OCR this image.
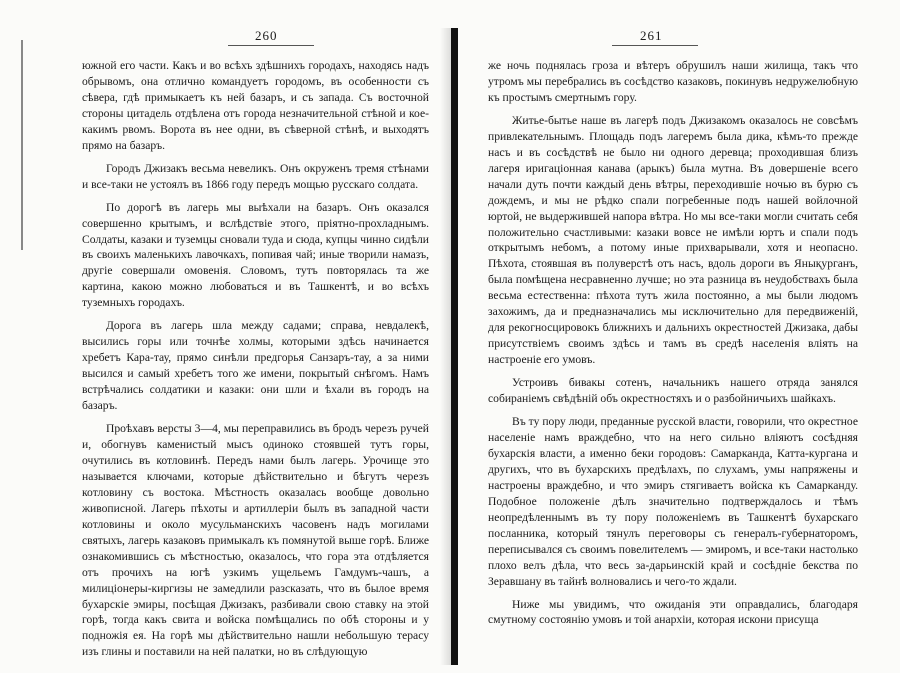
260

южной его части. Какъ и во всѣхъ здѣшнихъ городахъ, находясь надъ обрывомъ, она отлично командуетъ городомъ, въ особенности съ сѣвера, гдѣ примыкаетъ къ ней базаръ, и съ запада. Съ восточной стороны цитадель отдѣлена отъ города незначительной стѣной и кое-какимъ рвомъ. Ворота въ нее одни, въ сѣверной стѣнѣ, и выходятъ прямо на базаръ.

Городъ Джизакъ весьма невеликъ. Онъ окруженъ тремя стѣнами и все-таки не устоялъ въ 1866 году передъ мощью русскаго солдата.

По дорогѣ въ лагерь мы выѣхали на базаръ. Онъ оказался совершенно крытымъ, и вслѣдствіе этого, пріятно-прохладнымъ. Солдаты, казаки и туземцы сновали туда и сюда, купцы чинно сидѣли въ своихъ маленькихъ лавочкахъ, попивая чай; иные творили намазъ, другіе совершали омовенія. Словомъ, тутъ повторялась та же картина, какою можно любоваться и въ Ташкентѣ, и во всѣхъ туземныхъ городахъ.

Дорога въ лагерь шла между садами; справа, невдалекѣ, высились горы или точнѣе холмы, которыми здѣсь начинается хребетъ Кара-тау, прямо синѣли предгорья Санзаръ-тау, а за ними высился и самый хребетъ того же имени, покрытый снѣгомъ. Намъ встрѣчались солдатики и казаки: они шли и ѣхали въ городъ на базаръ.

Проѣхавъ версты 3—4, мы переправились въ бродъ черезъ ручей и, обогнувъ каменистый мысъ одиноко стоявшей тутъ горы, очутились въ котловинѣ. Передъ нами былъ лагерь. Урочище это называется ключами, которые дѣйствительно и бѣгутъ черезъ котловину съ востока. Мѣстность оказалась вообще довольно живописной. Лагерь пѣхоты и артиллеріи былъ въ западной части котловины и около мусульманскихъ часовенъ надъ могилами святыхъ, лагерь казаковъ примыкалъ къ помянутой выше горѣ. Ближе ознакомившись съ мѣстностью, оказалось, что гора эта отдѣляется отъ прочихъ на югѣ узкимъ ущельемъ Гамдумъ-чашъ, а милиціонеры-киргизы не замедлили разсказать, что въ былое время бухарскіе эмиры, посѣщая Джизакъ, разбивали свою ставку на этой горѣ, тогда какъ свита и войска помѣщались по обѣ стороны и у подножія ея. На горѣ мы дѣйствительно нашли небольшую терасу изъ глины и поставили на ней палатки, но въ слѣдующую

261

же ночь поднялась гроза и вѣтеръ обрушилъ наши жилища, такъ что утромъ мы перебрались въ сосѣдство казаковъ, покинувъ недружелюбную къ простымъ смертнымъ гору.

Житье-бытье наше въ лагерѣ подъ Джизакомъ оказалось не совсѣмъ привлекательнымъ. Площадь подъ лагеремъ была дика, кѣмъ-то прежде насъ и въ сосѣдствѣ не было ни одного деревца; проходившая близъ лагеря иригаціонная канава (арыкъ) была мутна. Въ довершеніе всего начали дуть почти каждый день вѣтры, переходившіе ночью въ бурю съ дождемъ, и мы не рѣдко спали погребенные подъ нашей войлочной юртой, не выдержившей напора вѣтра. Но мы все-таки могли считать себя положительно счастливыми: казаки вовсе не имѣли юртъ и спали подъ открытымъ небомъ, а потому иные прихварывали, хотя и неопасно. Пѣхота, стоявшая въ полуверстѣ отъ насъ, вдоль дороги въ Янықурганъ, была помѣщена несравненно лучше; но эта разница въ неудобствахъ была весьма естественна: пѣхота тутъ жила постоянно, а мы были людомъ захожимъ, да и предназначались мы исключительно для передвиженій, для рекогносцировокъ ближнихъ и дальнихъ окрестностей Джизака, дабы присутствіемъ своимъ здѣсь и тамъ въ средѣ населенія вліять на настроеніе его умовъ.

Устроивъ бивакы сотенъ, начальникъ нашего отряда занялся собираніемъ свѣдѣній объ окрестностяхъ и о разбойничьихъ шайкахъ.

Въ ту пору люди, преданные русской власти, говорили, что окрестное населеніе намъ враждебно, что на него сильно вліяютъ сосѣдняя бухарскія власти, а именно беки городовъ: Самарканда, Катта-кургана и другихъ, что въ бухарскихъ предѣлахъ, по слухамъ, умы напряжены и настроены враждебно, и что эмиръ стягиваетъ войска къ Самарканду. Подобное положеніе дѣлъ значительно подтверждалось и тѣмъ неопредѣленнымъ въ ту пору положеніемъ въ Ташкентѣ бухарскаго посланника, который тянулъ переговоры съ генералъ-губернаторомъ, переписывался съ своимъ повелителемъ — эмиромъ, и все-таки настолько плохо велъ дѣла, что весь за-дарьинскій край и сосѣдніе бекства по Зеравшану въ тайнѣ волновались и чего-то ждали.

Ниже мы увидимъ, что ожиданія эти оправдались, благодаря смутному состоянію умовъ и той анархіи, которая искони присуща
